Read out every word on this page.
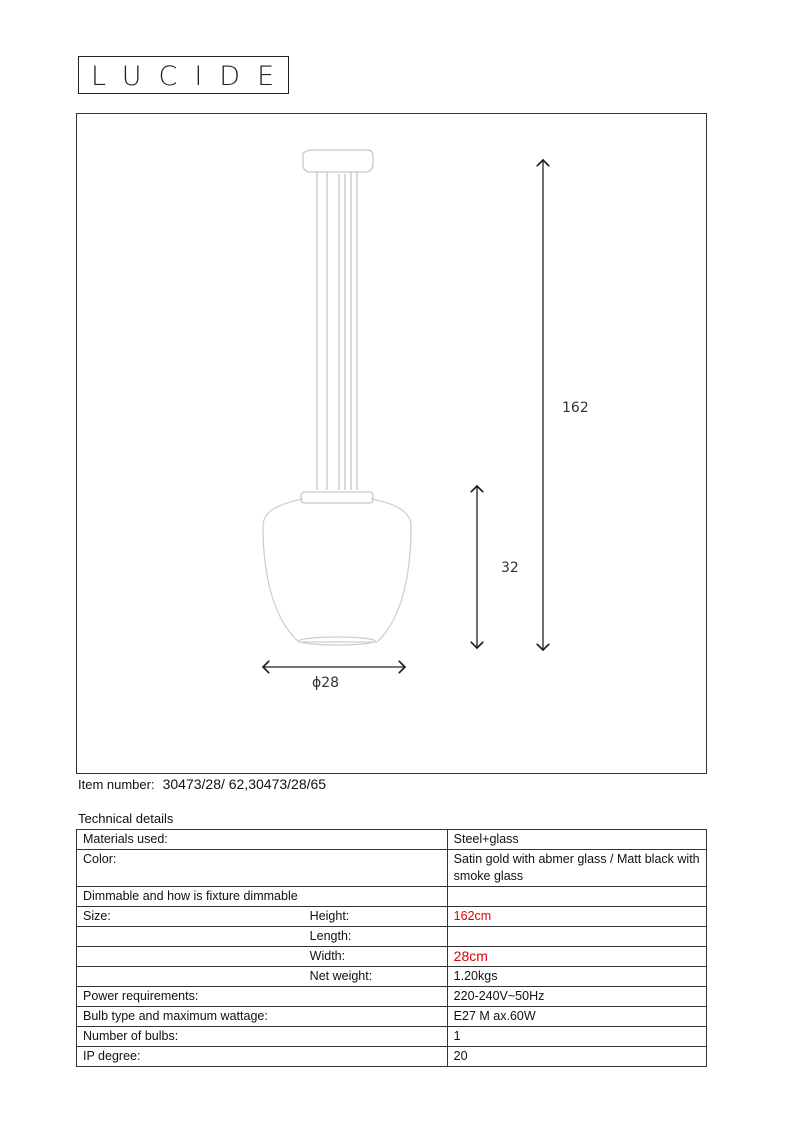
LUCIDE
162
32
ϕ28
Item number: 30473/28/ 62,30473/28/65
Technical details
Materials used:		Steel+glass
Color:		Satin gold with abmer glass / Matt black with smoke glass
Dimmable and how is fixture dimmable		
Size:	Height:	162cm
	Length:	
	Width:	28cm
	Net weight:	1.20kgs
Power requirements:		220-240V~50Hz
Bulb type and maximum wattage:		E27 M ax.60W
Number of bulbs:		1
IP degree:		20
